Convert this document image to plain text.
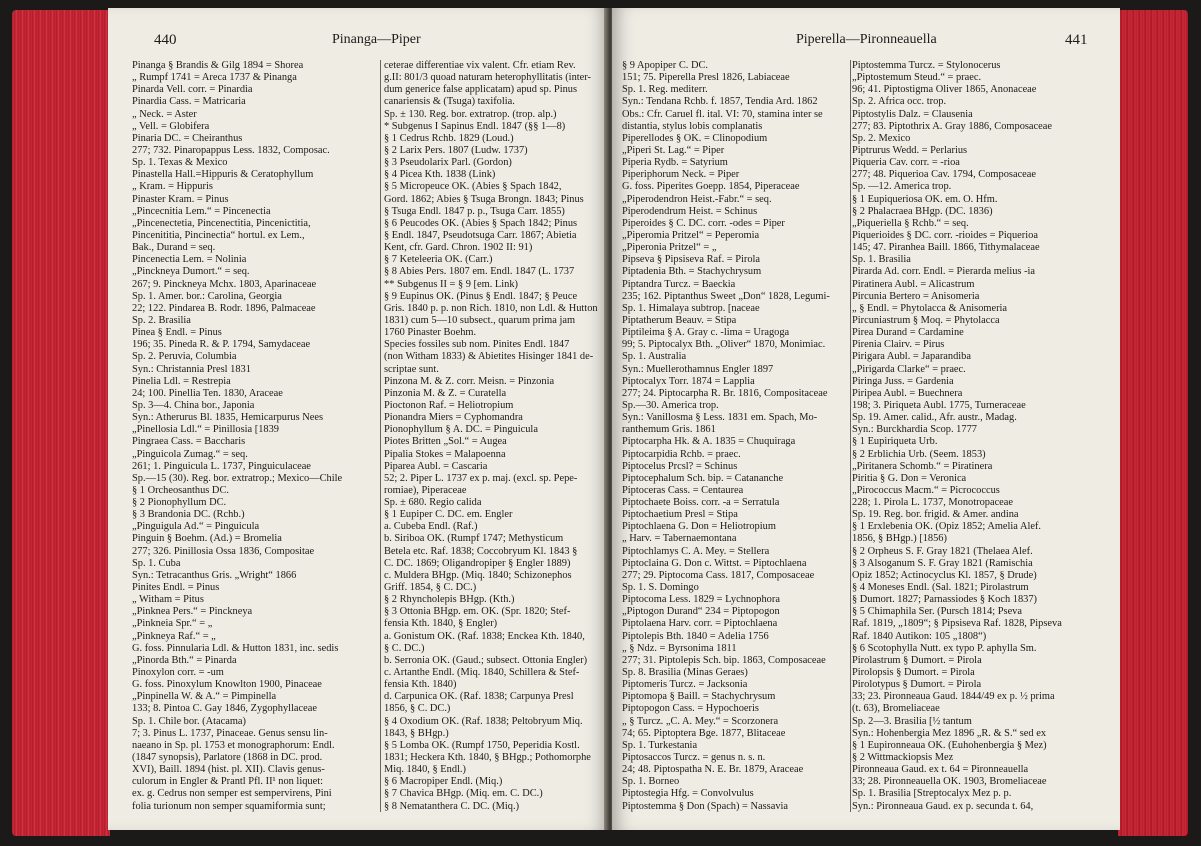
440	Pinanga—Piper
Pinanga § Brandis & Gilg 1894 = Shorea
„ Rumpf 1741 = Areca 1737 & Pinanga
Pinarda Vell. corr. = Pinardia
Pinardia Cass. = Matricaria
„ Neck. = Aster
„ Vell. = Globifera
Pinaria DC. = Cheiranthus
277; 732. Pinaropappus Less. 1832, Composac.
Sp. 1. Texas & Mexico
Pinastella Hall.=Hippuris & Ceratophyllum
„ Kram. = Hippuris
Pinaster Kram. = Pinus
„Pincecnitia Lem.“ = Pincenectia
„Pincenectetia, Pincenectitia, Pincenictitia,
Pincenititia, Pincinectia“ hortul. ex Lem.,
Bak., Durand = seq.
Pincenectia Lem. = Nolinia
„Pinckneya Dumort.“ = seq.
267; 9. Pinckneya Mchx. 1803, Aparinaceae
Sp. 1. Amer. bor.: Carolina, Georgia
22; 122. Pindarea B. Rodr. 1896, Palmaceae
Sp. 2. Brasilia
Pinea § Endl. = Pinus
196; 35. Pineda R. & P. 1794, Samydaceae
Sp. 2. Peruvia, Columbia
Syn.: Christannia Presl 1831
Pinelia Ldl. = Restrepia
24; 100. Pinellia Ten. 1830, Araceae
Sp. 3—4. China bor., Japonia
Syn.: Atherurus Bl. 1835, Hemicarpurus Nees
„Pinellosia Ldl.“ = Pinillosia [1839
Pingraea Cass. = Baccharis
„Pinguicola Zumag.“ = seq.
261; 1. Pinguicula L. 1737, Pinguiculaceae
Sp.—15 (30). Reg. bor. extratrop.; Mexico—Chile
§ 1 Orcheosanthus DC.
§ 2 Pionophyllum DC.
§ 3 Brandonia DC. (Rchb.)
„Pinguigula Ad.“ = Pinguicula
Pinguin § Boehm. (Ad.) = Bromelia
277; 326. Pinillosia Ossa 1836, Compositae
Sp. 1. Cuba
Syn.: Tetracanthus Gris. „Wright“ 1866
Pinites Endl. = Pinus
„ Witham = Pitus
„Pinknea Pers.“ = Pinckneya
„Pinkneia Spr.“ = „
„Pinkneya Raf.“ = „
G. foss. Pinnularia Ldl. & Hutton 1831, inc. sedis
„Pinorda Bth.“ = Pinarda
Pinoxylon corr. = -um
G. foss. Pinoxylum Knowlton 1900, Pinaceae
„Pinpinella W. & A.“ = Pimpinella
133; 8. Pintoa C. Gay 1846, Zygophyllaceae
Sp. 1. Chile bor. (Atacama)
7; 3. Pinus L. 1737, Pinaceae. Genus sensu lin-
naeano in Sp. pl. 1753 et monographorum: Endl.
(1847 synopsis), Parlatore (1868 in DC. prod.
XVI), Baill. 1894 (hist. pl. XII). Clavis genus-
culorum in Engler & Prantl Pfl. II¹ non liquet:
ex. g. Cedrus non semper est sempervirens, Pini
folia turionum non semper squamiformia sunt;
ceterae differentiae vix valent. Cfr. etiam Rev.
g.II: 801/3 quoad naturam heterophyllitatis (inter-
dum generice false applicatam) apud sp. Pinus
canariensis & (Tsuga) taxifolia.
Sp. ± 130. Reg. bor. extratrop. (trop. alp.)
* Subgenus I Sapinus Endl. 1847 (§§ 1—8)
§ 1 Cedrus Rchb. 1829 (Loud.)
§ 2 Larix Pers. 1807 (Ludw. 1737)
§ 3 Pseudolarix Parl. (Gordon)
§ 4 Picea Kth. 1838 (Link)
§ 5 Micropeuce OK. (Abies § Spach 1842,
Gord. 1862; Abies § Tsuga Brongn. 1843; Pinus
§ Tsuga Endl. 1847 p. p., Tsuga Carr. 1855)
§ 6 Peucodes OK. (Abies § Spach 1842; Pinus
§ Endl. 1847, Pseudotsuga Carr. 1867; Abietia
Kent, cfr. Gard. Chron. 1902 II: 91)
§ 7 Keteleeria OK. (Carr.)
§ 8 Abies Pers. 1807 em. Endl. 1847 (L. 1737
** Subgenus II = § 9 [em. Link)
§ 9 Eupinus OK. (Pinus § Endl. 1847; § Peuce
Gris. 1840 p. p. non Rich. 1810, non Ldl. & Hutton
1831) cum 5—10 subsect., quarum prima jam
1760 Pinaster Boehm.
Species fossiles sub nom. Pinites Endl. 1847
(non Witham 1833) & Abietites Hisinger 1841 de-
scriptae sunt.
Pinzona M. & Z. corr. Meisn. = Pinzonia
Pinzonia M. & Z. = Curatella
Pioctonon Raf. = Heliotropium
Pionandra Miers = Cyphomandra
Pionophyllum § A. DC. = Pinguicula
Piotes Britten „Sol.“ = Augea
Pipalia Stokes = Malapoenna
Piparea Aubl. = Cascaria
52; 2. Piper L. 1737 ex p. maj. (excl. sp. Pepe-
romiae), Piperaceae
Sp. ± 680. Regio calida
§ 1 Eupiper C. DC. em. Engler
a. Cubeba Endl. (Raf.)
b. Siriboa OK. (Rumpf 1747; Methysticum
Betela etc. Raf. 1838; Coccobryum Kl. 1843 §
C. DC. 1869; Oligandropiper § Engler 1889)
c. Muldera BHgp. (Miq. 1840; Schizonephos
Griff. 1854, § C. DC.)
§ 2 Rhyncholepis BHgp. (Kth.)
§ 3 Ottonia BHgp. em. OK. (Spr. 1820; Stef-
fensia Kth. 1840, § Engler)
a. Gonistum OK. (Raf. 1838; Enckea Kth. 1840,
§ C. DC.)
b. Serronia OK. (Gaud.; subsect. Ottonia Engler)
c. Artanthe Endl. (Miq. 1840, Schillera & Stef-
fensia Kth. 1840)
d. Carpunica OK. (Raf. 1838; Carpunya Presl
1856, § C. DC.)
§ 4 Oxodium OK. (Raf. 1838; Peltobryum Miq.
1843, § BHgp.)
§ 5 Lomba OK. (Rumpf 1750, Peperidia Kostl.
1831; Heckera Kth. 1840, § BHgp.; Pothomorphe
Miq. 1840, § Endl.)
§ 6 Macropiper Endl. (Miq.)
§ 7 Chavica BHgp. (Miq. em. C. DC.)
§ 8 Nematanthera C. DC. (Miq.)
Piperella—Pironneauella	441
§ 9 Apopiper C. DC.
151; 75. Piperella Presl 1826, Labiaceae
Sp. 1. Reg. mediterr.
Syn.: Tendana Rchb. f. 1857, Tendia Ard. 1862
Obs.: Cfr. Caruel fl. ital. VI: 70, stamina inter se
distantia, stylus lobis complanatis
Piperellodes § OK. = Clinopodium
„Piperi St. Lag.“ = Piper
Piperia Rydb. = Satyrium
Piperiphorum Neck. = Piper
G. foss. Piperites Goepp. 1854, Piperaceae
„Piperodendron Heist.-Fabr.“ = seq.
Piperodendrum Heist. = Schinus
Piperoides § C. DC. corr. -odes = Piper
„Piperomia Pritzel“ = Peperomia
„Piperonia Pritzel“ = „
Pipseva § Pipsiseva Raf. = Pirola
Piptadenia Bth. = Stachychrysum
Piptandra Turcz. = Baeckia
235; 162. Piptanthus Sweet „Don“ 1828, Legumi-
Sp. 1. Himalaya subtrop. [naceae
Piptatherum Beauv. = Stipa
Piptileima § A. Gray c. -lima = Uragoga
99; 5. Piptocalyx Bth. „Oliver“ 1870, Monimiac.
Sp. 1. Australia
Syn.: Muellerothamnus Engler 1897
Piptocalyx Torr. 1874 = Lapplia
277; 24. Piptocarpha R. Br. 1816, Compositaceae
Sp.—30. America trop.
Syn.: Vanillosma § Less. 1831 em. Spach, Mo-
ranthemum Gris. 1861
Piptocarpha Hk. & A. 1835 = Chuquiraga
Piptocarpidia Rchb. = praec.
Piptocelus Prcsl? = Schinus
Piptocephalum Sch. bip. = Catananche
Piptoceras Cass. = Centaurea
Piptochaete Boiss. corr. -a = Serratula
Piptochaetium Presl = Stipa
Piptochlaena G. Don = Heliotropium
„ Harv. = Tabernaemontana
Piptochlamys C. A. Mey. = Stellera
Piptoclaina G. Don c. Wittst. = Piptochlaena
277; 29. Piptocoma Cass. 1817, Composaceae
Sp. 1. S. Domingo
Piptocoma Less. 1829 = Lychnophora
„Piptogon Durand“ 234 = Piptopogon
Piptolaena Harv. corr. = Piptochlaena
Piptolepis Bth. 1840 = Adelia 1756
„ § Ndz. = Byrsonima 1811
277; 31. Piptolepis Sch. bip. 1863, Composaceae
Sp. 8. Brasilia (Minas Geraes)
Piptomeris Turcz. = Jacksonia
Piptomopa § Baill. = Stachychrysum
Piptopogon Cass. = Hypochoeris
„ § Turcz. „C. A. Mey.“ = Scorzonera
74; 65. Piptoptera Bge. 1877, Blitaceae
Sp. 1. Turkestania
Piptosaccos Turcz. = genus n. s. n.
24; 48. Piptospatha N. E. Br. 1879, Araceae
Sp. 1. Borneo
Piptostegia Hfg. = Convolvulus
Piptostemma § Don (Spach) = Nassavia
Piptostemma Turcz. = Stylonocerus
„Piptostemum Steud.“ = praec.
96; 41. Piptostigma Oliver 1865, Anonaceae
Sp. 2. Africa occ. trop.
Piptostylis Dalz. = Clausenia
277; 83. Piptothrix A. Gray 1886, Composaceae
Sp. 2. Mexico
Piptrurus Wedd. = Perlarius
Piqueria Cav. corr. = -rioa
277; 48. Piquerioa Cav. 1794, Composaceae
Sp. —12. America trop.
§ 1 Eupiqueriosa OK. em. O. Hfm.
§ 2 Phalacraea BHgp. (DC. 1836)
„Piqueriella § Rchb.“ = seq.
Piquerioides § DC. corr. -rioides = Piquerioa
145; 47. Piranhea Baill. 1866, Tithymalaceae
Sp. 1. Brasilia
Pirarda Ad. corr. Endl. = Pierarda melius -ia
Piratinera Aubl. = Alicastrum
Pircunia Bertero = Anisomeria
„ § Endl. = Phytolacca & Anisomeria
Pircuniastrum § Moq. = Phytolacca
Pirea Durand = Cardamine
Pirenia Clairv. = Pirus
Pirigara Aubl. = Japarandiba
„Pirigarda Clarke“ = praec.
Piringa Juss. = Gardenia
Piripea Aubl. = Buechnera
198; 3. Piriqueta Aubl. 1775, Turneraceae
Sp. 19. Amer. calid., Afr. austr., Madag.
Syn.: Burckhardia Scop. 1777
§ 1 Eupiriqueta Urb.
§ 2 Erblichia Urb. (Seem. 1853)
„Piritanera Schomb.“ = Piratinera
Piritia § G. Don = Veronica
„Pirococcus Macm.“ = Picrococcus
228; 1. Pirola L. 1737, Monotropaceae
Sp. 19. Reg. bor. frigid. & Amer. andina
§ 1 Erxlebenia OK. (Opiz 1852; Amelia Alef.
1856, § BHgp.) [1856)
§ 2 Orpheus S. F. Gray 1821 (Thelaea Alef.
§ 3 Alsoganum S. F. Gray 1821 (Ramischia
Opiz 1852; Actinocyclus Kl. 1857, § Drude)
§ 4 Moneses Endl. (Sal. 1821; Pirolastrum
§ Dumort. 1827; Parnassiodes § Koch 1837)
§ 5 Chimaphila Ser. (Pursch 1814; Pseva
Raf. 1819, „1809“; § Pipsiseva Raf. 1828, Pipseva
Raf. 1840 Autikon: 105 „1808“)
§ 6 Scotophylla Nutt. ex typo P. aphylla Sm.
Pirolastrum § Dumort. = Pirola
Pirolopsis § Dumort. = Pirola
Pirolotypus § Dumort. = Pirola
33; 23. Pironneaua Gaud. 1844/49 ex p. ½ prima
(t. 63), Bromeliaceae
Sp. 2—3. Brasilia [½ tantum
Syn.: Hohenbergia Mez 1896 „R. & S.“ sed ex
§ 1 Eupironneaua OK. (Euhohenbergia § Mez)
§ 2 Wittmackiopsis Mez
Pironneaua Gaud. ex t. 64 = Pironneauella
33; 28. Pironneauella OK. 1903, Bromeliaceae
Sp. 1. Brasilia [Streptocalyx Mez p. p.
Syn.: Pironneaua Gaud. ex p. secunda t. 64,
